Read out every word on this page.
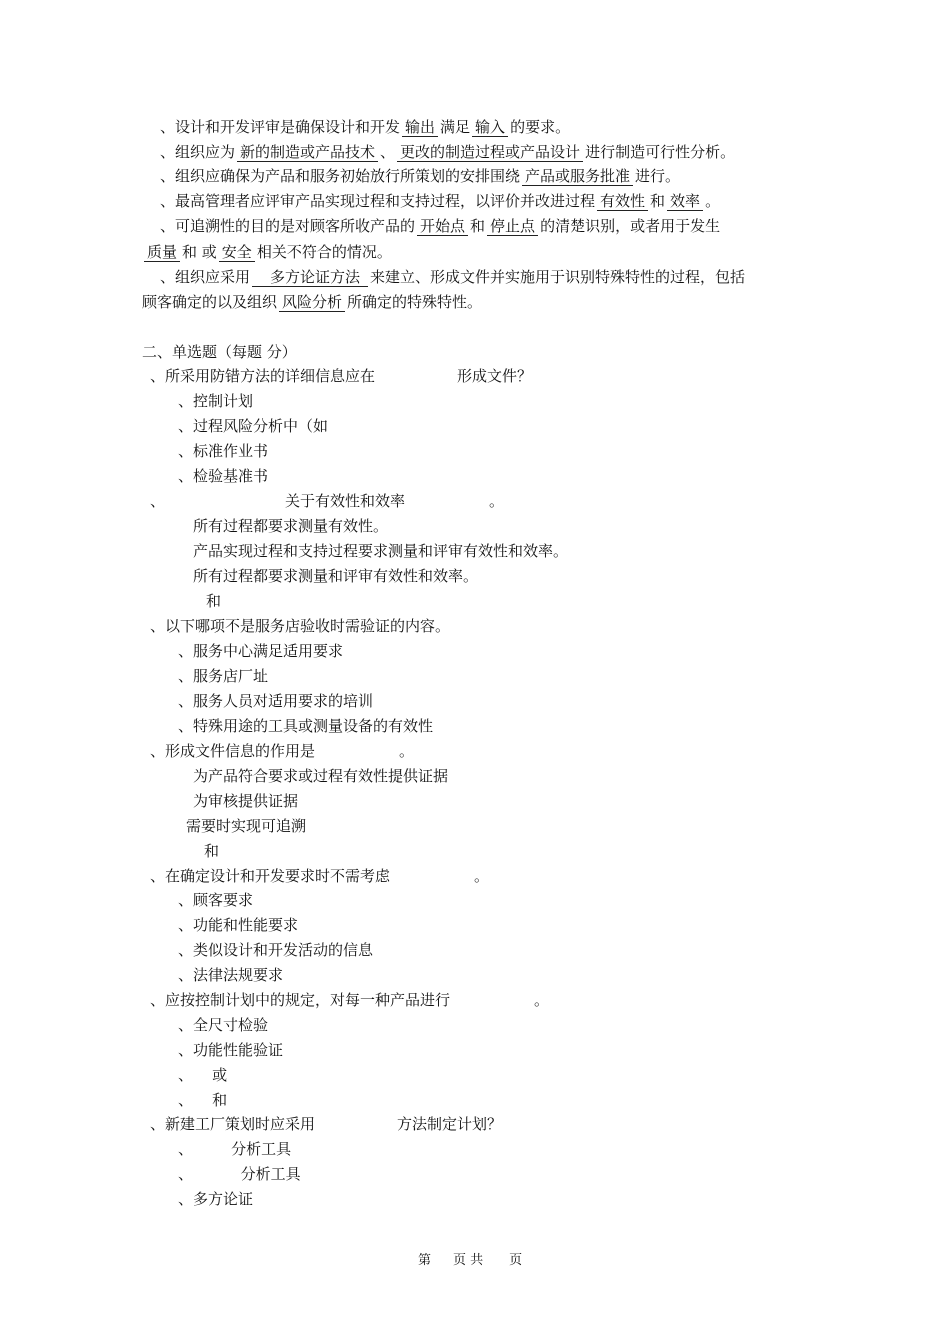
、设计和开发评审是确保设计和开发 输出 满足 输入 的要求。
、组织应为 新的制造或产品技术 、 更改的制造过程或产品设计 进行制造可行性分析。
、组织应确保为产品和服务初始放行所策划的安排围绕 产品或服务批准 进行。
、最高管理者应评审产品实现过程和支持过程，以评价并改进过程 有效性 和 效率 。
、可追溯性的目的是对顾客所收产品的 开始点 和 停止点 的清楚识别，或者用于发生
质量 和 或 安全 相关不符合的情况。
、组织应采用 多方论证方法 来建立、形成文件并实施用于识别特殊特性的过程，包括
顾客确定的以及组织 风险分析 所确定的特殊特性。
二、单选题（每题 分）
、所采用防错方法的详细信息应在	形成文件？
、控制计划
、过程风险分析中（如
、标准作业书
、检验基准书
、	关于有效性和效率	。
所有过程都要求测量有效性。
产品实现过程和支持过程要求测量和评审有效性和效率。
所有过程都要求测量和评审有效性和效率。
和
、以下哪项不是服务店验收时需验证的内容。
、服务中心满足适用要求
、服务店厂址
、服务人员对适用要求的培训
、特殊用途的工具或测量设备的有效性
、形成文件信息的作用是	。
为产品符合要求或过程有效性提供证据
为审核提供证据
需要时实现可追溯
和
、在确定设计和开发要求时不需考虑	。
、顾客要求
、功能和性能要求
、类似设计和开发活动的信息
、法律法规要求
、应按控制计划中的规定，对每一种产品进行	。
、全尺寸检验
、功能性能验证
、    或
、    和
、新建工厂策划时应采用	方法制定计划？
、        分析工具
、          分析工具
、多方论证
第 页 共 页
